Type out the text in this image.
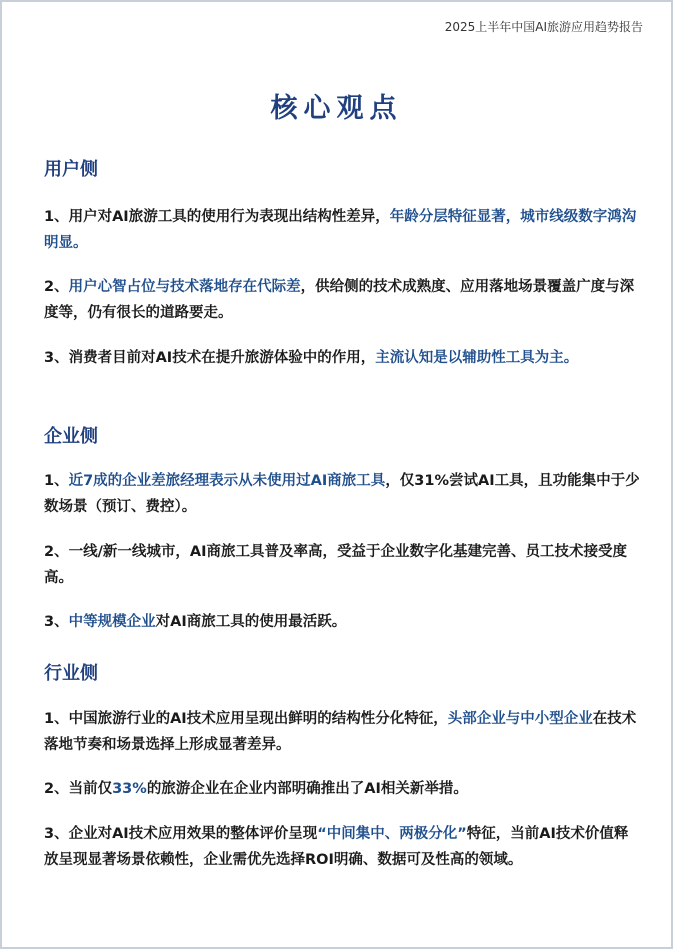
2025上半年中国AI旅游应用趋势报告
核心观点
用户侧

1、用户对AI旅游工具的使用行为表现出结构性差异，年龄分层特征显著，城市线级数字鸿沟明显。

2、用户心智占位与技术落地存在代际差，供给侧的技术成熟度、应用落地场景覆盖广度与深度等，仍有很长的道路要走。

3、消费者目前对AI技术在提升旅游体验中的作用，主流认知是以辅助性工具为主。

企业侧

1、近7成的企业差旅经理表示从未使用过AI商旅工具，仅31%尝试AI工具，且功能集中于少数场景（预订、费控）。

2、一线/新一线城市，AI商旅工具普及率高，受益于企业数字化基建完善、员工技术接受度高。

3、中等规模企业对AI商旅工具的使用最活跃。

行业侧

1、中国旅游行业的AI技术应用呈现出鲜明的结构性分化特征，头部企业与中小型企业在技术落地节奏和场景选择上形成显著差异。

2、当前仅33%的旅游企业在企业内部明确推出了AI相关新举措。

3、企业对AI技术应用效果的整体评价呈现“中间集中、两极分化”特征，当前AI技术价值释放呈现显著场景依赖性，企业需优先选择ROI明确、数据可及性高的领域。
